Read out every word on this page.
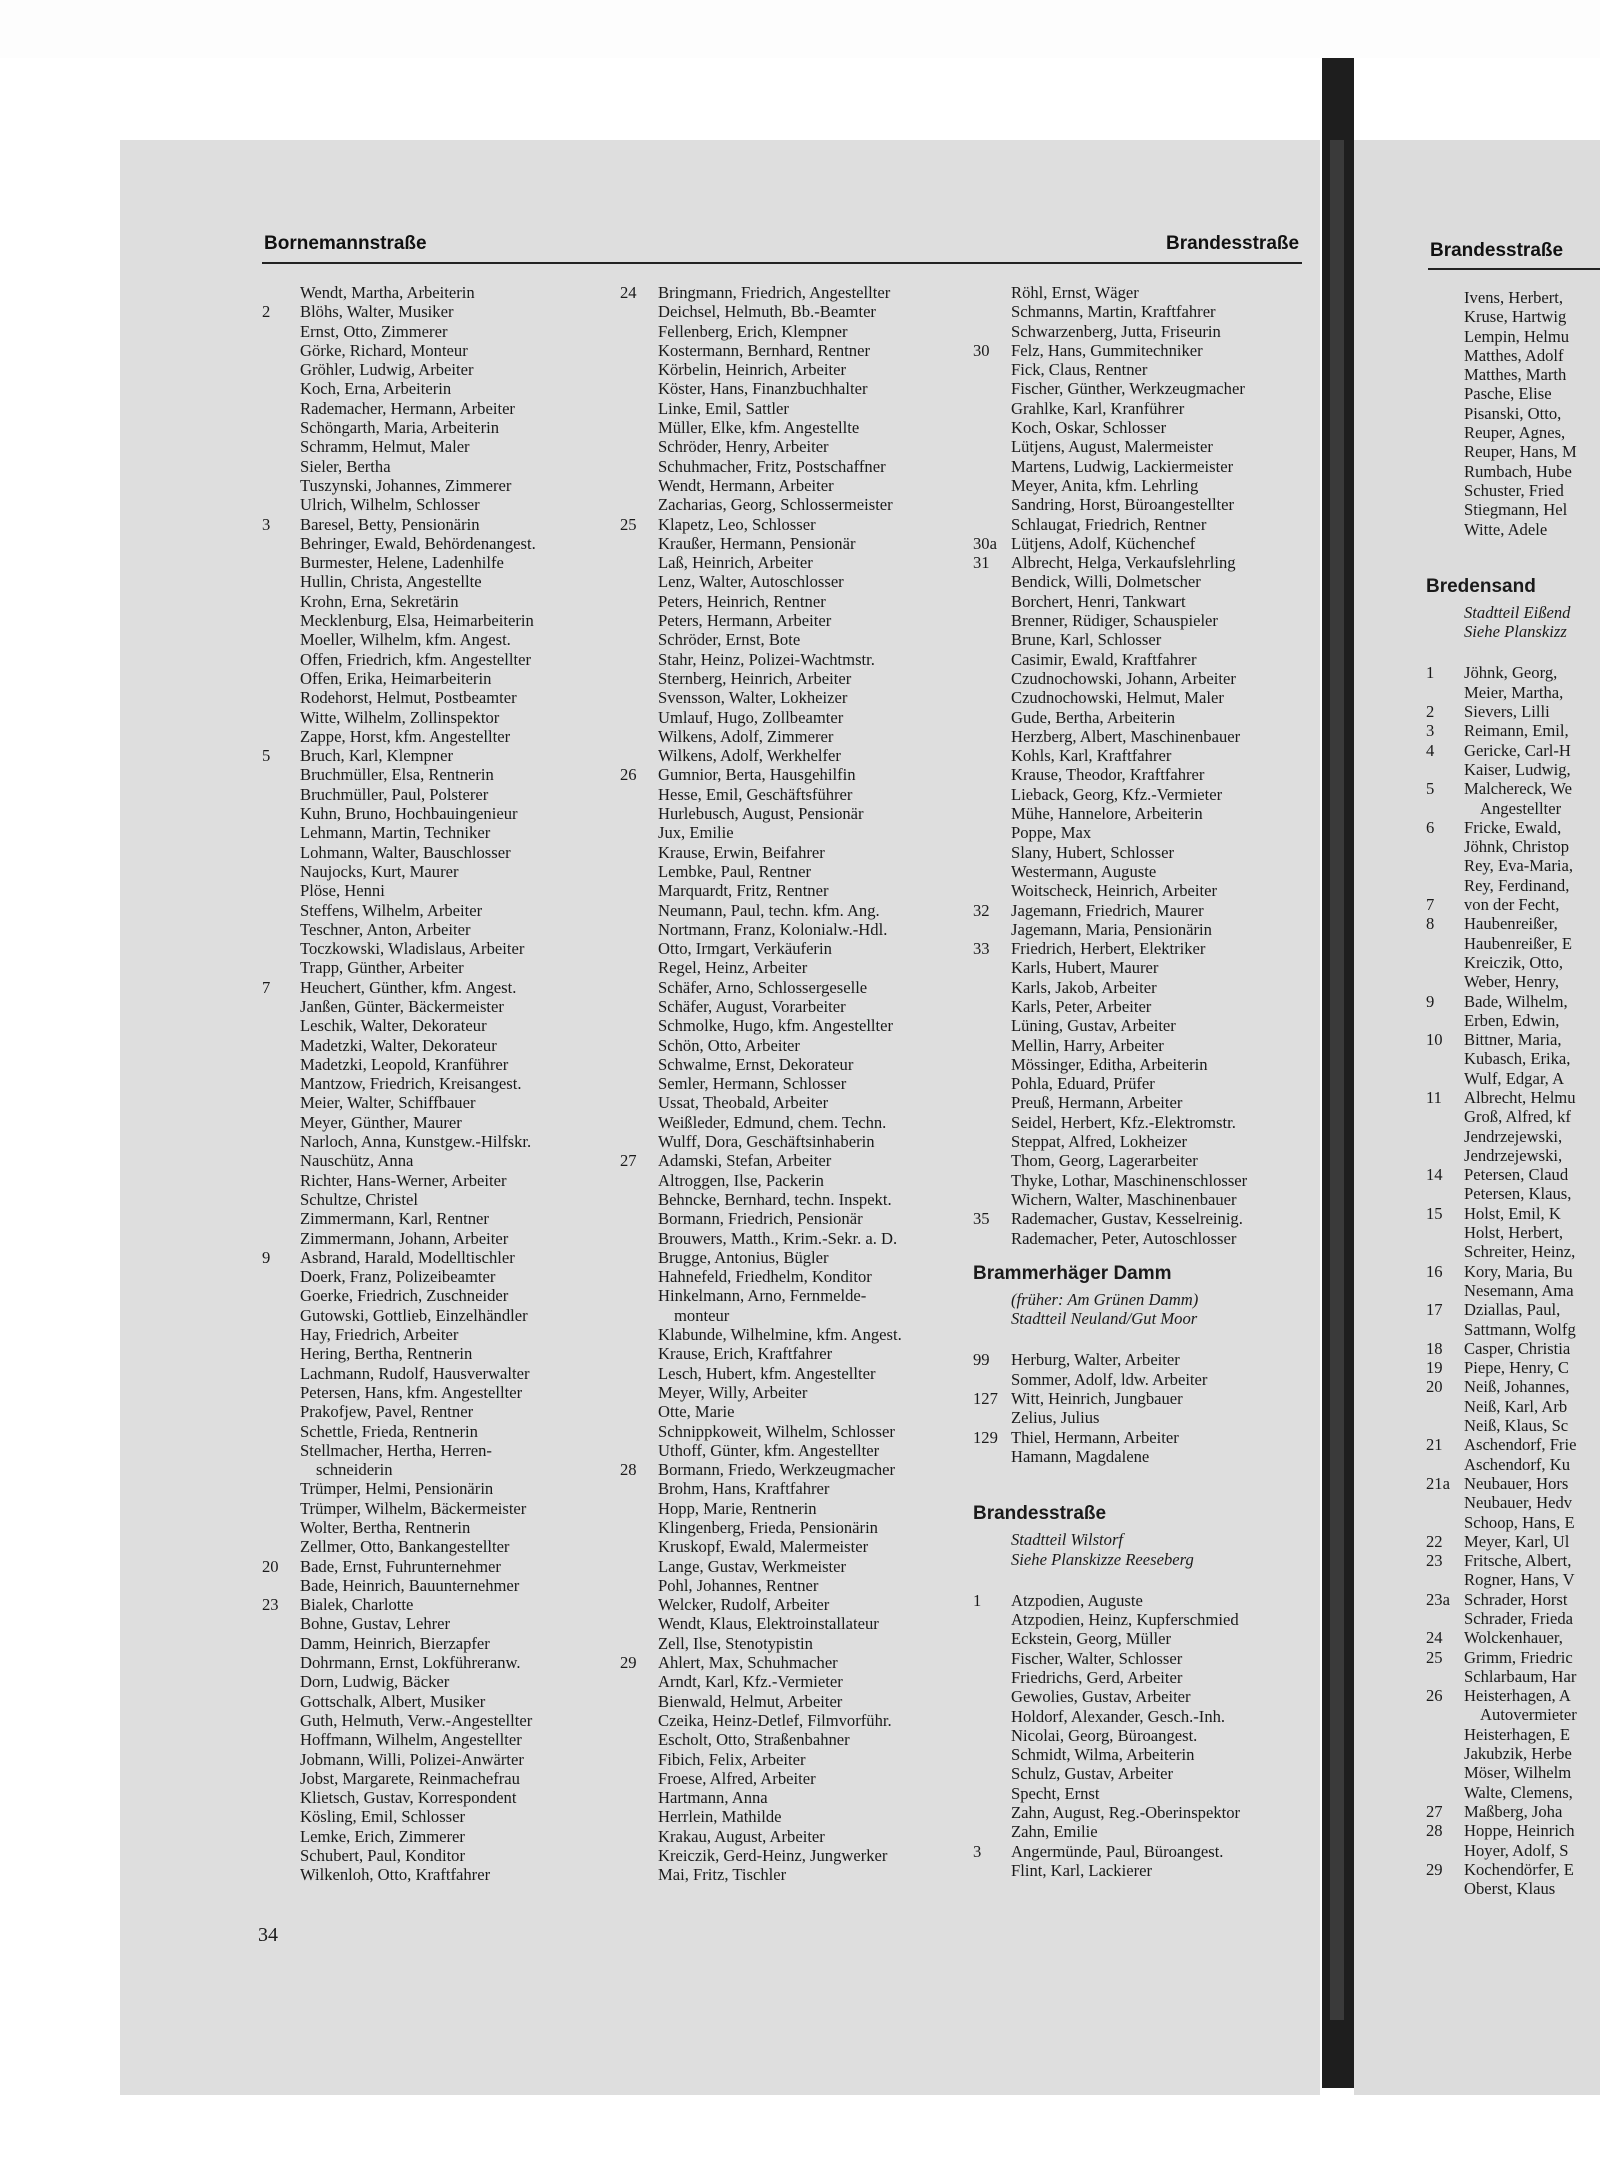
Bornemannstraße	Brandesstraße	Brandesstraße
Wendt, Martha, Arbeiterin
2	Blöhs, Walter, Musiker
Ernst, Otto, Zimmerer
Görke, Richard, Monteur
Gröhler, Ludwig, Arbeiter
Koch, Erna, Arbeiterin
Rademacher, Hermann, Arbeiter
Schöngarth, Maria, Arbeiterin
Schramm, Helmut, Maler
Sieler, Bertha
Tuszynski, Johannes, Zimmerer
Ulrich, Wilhelm, Schlosser
3	Baresel, Betty, Pensionärin
Behringer, Ewald, Behördenangest.
Burmester, Helene, Ladenhilfe
Hullin, Christa, Angestellte
Krohn, Erna, Sekretärin
Mecklenburg, Elsa, Heimarbeiterin
Moeller, Wilhelm, kfm. Angest.
Offen, Friedrich, kfm. Angestellter
Offen, Erika, Heimarbeiterin
Rodehorst, Helmut, Postbeamter
Witte, Wilhelm, Zollinspektor
Zappe, Horst, kfm. Angestellter
5	Bruch, Karl, Klempner
Bruchmüller, Elsa, Rentnerin
Bruchmüller, Paul, Polsterer
Kuhn, Bruno, Hochbauingenieur
Lehmann, Martin, Techniker
Lohmann, Walter, Bauschlosser
Naujocks, Kurt, Maurer
Plöse, Henni
Steffens, Wilhelm, Arbeiter
Teschner, Anton, Arbeiter
Toczkowski, Wladislaus, Arbeiter
Trapp, Günther, Arbeiter
7	Heuchert, Günther, kfm. Angest.
Janßen, Günter, Bäckermeister
Leschik, Walter, Dekorateur
Madetzki, Walter, Dekorateur
Madetzki, Leopold, Kranführer
Mantzow, Friedrich, Kreisangest.
Meier, Walter, Schiffbauer
Meyer, Günther, Maurer
Narloch, Anna, Kunstgew.-Hilfskr.
Nauschütz, Anna
Richter, Hans-Werner, Arbeiter
Schultze, Christel
Zimmermann, Karl, Rentner
Zimmermann, Johann, Arbeiter
9	Asbrand, Harald, Modelltischler
Doerk, Franz, Polizeibeamter
Goerke, Friedrich, Zuschneider
Gutowski, Gottlieb, Einzelhändler
Hay, Friedrich, Arbeiter
Hering, Bertha, Rentnerin
Lachmann, Rudolf, Hausverwalter
Petersen, Hans, kfm. Angestellter
Prakofjew, Pavel, Rentner
Schettle, Frieda, Rentnerin
Stellmacher, Hertha, Herren-
schneiderin
Trümper, Helmi, Pensionärin
Trümper, Wilhelm, Bäckermeister
Wolter, Bertha, Rentnerin
Zellmer, Otto, Bankangestellter
20	Bade, Ernst, Fuhrunternehmer
Bade, Heinrich, Bauunternehmer
23	Bialek, Charlotte
Bohne, Gustav, Lehrer
Damm, Heinrich, Bierzapfer
Dohrmann, Ernst, Lokführeranw.
Dorn, Ludwig, Bäcker
Gottschalk, Albert, Musiker
Guth, Helmuth, Verw.-Angestellter
Hoffmann, Wilhelm, Angestellter
Jobmann, Willi, Polizei-Anwärter
Jobst, Margarete, Reinmachefrau
Klietsch, Gustav, Korrespondent
Kösling, Emil, Schlosser
Lemke, Erich, Zimmerer
Schubert, Paul, Konditor
Wilkenloh, Otto, Kraftfahrer
24	Bringmann, Friedrich, Angestellter
Deichsel, Helmuth, Bb.-Beamter
Fellenberg, Erich, Klempner
Kostermann, Bernhard, Rentner
Körbelin, Heinrich, Arbeiter
Köster, Hans, Finanzbuchhalter
Linke, Emil, Sattler
Müller, Elke, kfm. Angestellte
Schröder, Henry, Arbeiter
Schuhmacher, Fritz, Postschaffner
Wendt, Hermann, Arbeiter
Zacharias, Georg, Schlossermeister
25	Klapetz, Leo, Schlosser
Kraußer, Hermann, Pensionär
Laß, Heinrich, Arbeiter
Lenz, Walter, Autoschlosser
Peters, Heinrich, Rentner
Peters, Hermann, Arbeiter
Schröder, Ernst, Bote
Stahr, Heinz, Polizei-Wachtmstr.
Sternberg, Heinrich, Arbeiter
Svensson, Walter, Lokheizer
Umlauf, Hugo, Zollbeamter
Wilkens, Adolf, Zimmerer
Wilkens, Adolf, Werkhelfer
26	Gumnior, Berta, Hausgehilfin
Hesse, Emil, Geschäftsführer
Hurlebusch, August, Pensionär
Jux, Emilie
Krause, Erwin, Beifahrer
Lembke, Paul, Rentner
Marquardt, Fritz, Rentner
Neumann, Paul, techn. kfm. Ang.
Nortmann, Franz, Kolonialw.-Hdl.
Otto, Irmgart, Verkäuferin
Regel, Heinz, Arbeiter
Schäfer, Arno, Schlossergeselle
Schäfer, August, Vorarbeiter
Schmolke, Hugo, kfm. Angestellter
Schön, Otto, Arbeiter
Schwalme, Ernst, Dekorateur
Semler, Hermann, Schlosser
Ussat, Theobald, Arbeiter
Weißleder, Edmund, chem. Techn.
Wulff, Dora, Geschäftsinhaberin
27	Adamski, Stefan, Arbeiter
Altroggen, Ilse, Packerin
Behncke, Bernhard, techn. Inspekt.
Bormann, Friedrich, Pensionär
Brouwers, Matth., Krim.-Sekr. a. D.
Brugge, Antonius, Bügler
Hahnefeld, Friedhelm, Konditor
Hinkelmann, Arno, Fernmelde-
monteur
Klabunde, Wilhelmine, kfm. Angest.
Krause, Erich, Kraftfahrer
Lesch, Hubert, kfm. Angestellter
Meyer, Willy, Arbeiter
Otte, Marie
Schnippkoweit, Wilhelm, Schlosser
Uthoff, Günter, kfm. Angestellter
28	Bormann, Friedo, Werkzeugmacher
Brohm, Hans, Kraftfahrer
Hopp, Marie, Rentnerin
Klingenberg, Frieda, Pensionärin
Kruskopf, Ewald, Malermeister
Lange, Gustav, Werkmeister
Pohl, Johannes, Rentner
Welcker, Rudolf, Arbeiter
Wendt, Klaus, Elektroinstallateur
Zell, Ilse, Stenotypistin
29	Ahlert, Max, Schuhmacher
Arndt, Karl, Kfz.-Vermieter
Bienwald, Helmut, Arbeiter
Czeika, Heinz-Detlef, Filmvorführ.
Escholt, Otto, Straßenbahner
Fibich, Felix, Arbeiter
Froese, Alfred, Arbeiter
Hartmann, Anna
Herrlein, Mathilde
Krakau, August, Arbeiter
Kreiczik, Gerd-Heinz, Jungwerker
Mai, Fritz, Tischler
Röhl, Ernst, Wäger
Schmanns, Martin, Kraftfahrer
Schwarzenberg, Jutta, Friseurin
30	Felz, Hans, Gummitechniker
Fick, Claus, Rentner
Fischer, Günther, Werkzeugmacher
Grahlke, Karl, Kranführer
Koch, Oskar, Schlosser
Lütjens, August, Malermeister
Martens, Ludwig, Lackiermeister
Meyer, Anita, kfm. Lehrling
Sandring, Horst, Büroangestellter
Schlaugat, Friedrich, Rentner
30a Lütjens, Adolf, Küchenchef
31	Albrecht, Helga, Verkaufslehrling
Bendick, Willi, Dolmetscher
Borchert, Henri, Tankwart
Brenner, Rüdiger, Schauspieler
Brune, Karl, Schlosser
Casimir, Ewald, Kraftfahrer
Czudnochowski, Johann, Arbeiter
Czudnochowski, Helmut, Maler
Gude, Bertha, Arbeiterin
Herzberg, Albert, Maschinenbauer
Kohls, Karl, Kraftfahrer
Krause, Theodor, Kraftfahrer
Lieback, Georg, Kfz.-Vermieter
Mühe, Hannelore, Arbeiterin
Poppe, Max
Slany, Hubert, Schlosser
Westermann, Auguste
Woitscheck, Heinrich, Arbeiter
32	Jagemann, Friedrich, Maurer
Jagemann, Maria, Pensionärin
33	Friedrich, Herbert, Elektriker
Karls, Hubert, Maurer
Karls, Jakob, Arbeiter
Karls, Peter, Arbeiter
Lüning, Gustav, Arbeiter
Mellin, Harry, Arbeiter
Mössinger, Editha, Arbeiterin
Pohla, Eduard, Prüfer
Preuß, Hermann, Arbeiter
Seidel, Herbert, Kfz.-Elektromstr.
Steppat, Alfred, Lokheizer
Thom, Georg, Lagerarbeiter
Thyke, Lothar, Maschinenschlosser
Wichern, Walter, Maschinenbauer
35	Rademacher, Gustav, Kesselreinig.
Rademacher, Peter, Autoschlosser
Brammerhäger Damm
(früher: Am Grünen Damm)
Stadtteil Neuland/Gut Moor
99	Herburg, Walter, Arbeiter
Sommer, Adolf, ldw. Arbeiter
127 Witt, Heinrich, Jungbauer
Zelius, Julius
129 Thiel, Hermann, Arbeiter
Hamann, Magdalene
Brandesstraße
Stadtteil Wilstorf
Siehe Planskizze Reeseberg
1	Atzpodien, Auguste
Atzpodien, Heinz, Kupferschmied
Eckstein, Georg, Müller
Fischer, Walter, Schlosser
Friedrichs, Gerd, Arbeiter
Gewolies, Gustav, Arbeiter
Holdorf, Alexander, Gesch.-Inh.
Nicolai, Georg, Büroangest.
Schmidt, Wilma, Arbeiterin
Schulz, Gustav, Arbeiter
Specht, Ernst
Zahn, August, Reg.-Oberinspektor
Zahn, Emilie
3	Angermünde, Paul, Büroangest.
Flint, Karl, Lackierer
Ivens, Herbert,
Kruse, Hartwig
Lempin, Helmu
Matthes, Adolf
Matthes, Marth
Pasche, Elise
Pisanski, Otto,
Reuper, Agnes,
Reuper, Hans, M
Rumbach, Hube
Schuster, Fried
Stiegmann, Hel
Witte, Adele
Bredensand
Stadtteil Eißend
Siehe Planskizz
1	Jöhnk, Georg,
Meier, Martha,
2	Sievers, Lilli
3	Reimann, Emil,
4	Gericke, Carl-H
Kaiser, Ludwig,
5	Malchereck, We
Angestellter
6	Fricke, Ewald,
Jöhnk, Christop
Rey, Eva-Maria,
Rey, Ferdinand,
7	von der Fecht,
8	Haubenreißer,
Haubenreißer, E
Kreiczik, Otto,
Weber, Henry,
9	Bade, Wilhelm,
Erben, Edwin,
10	Bittner, Maria,
Kubasch, Erika,
Wulf, Edgar, A
11	Albrecht, Helmu
Groß, Alfred, kf
Jendrzejewski,
Jendrzejewski,
14	Petersen, Claud
Petersen, Klaus,
15	Holst, Emil, K
Holst, Herbert,
Schreiter, Heinz,
16	Kory, Maria, Bu
Nesemann, Ama
17	Dziallas, Paul,
Sattmann, Wolfg
18	Casper, Christia
19	Piepe, Henry, C
20	Neiß, Johannes,
Neiß, Karl, Arb
Neiß, Klaus, Sc
21	Aschendorf, Frie
Aschendorf, Ku
21a Neubauer, Hors
Neubauer, Hedv
Schoop, Hans, E
22	Meyer, Karl, Ul
23	Fritsche, Albert,
Rogner, Hans, V
23a Schrader, Horst
Schrader, Frieda
24	Wolckenhauer,
25	Grimm, Friedric
Schlarbaum, Har
26	Heisterhagen, A
Autovermieter
Heisterhagen, E
Jakubzik, Herbe
Möser, Wilhelm
Walte, Clemens,
27	Maßberg, Joha
28	Hoppe, Heinrich
Hoyer, Adolf, S
29	Kochendörfer, E
Oberst, Klaus
34
